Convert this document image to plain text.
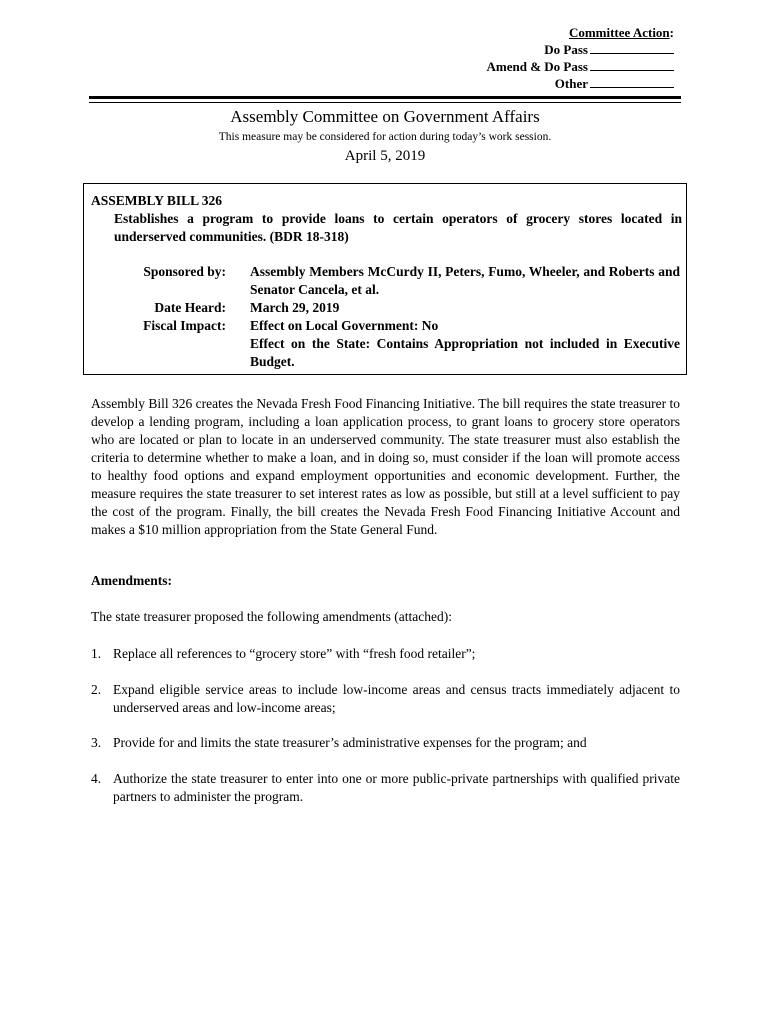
Committee Action:
Do Pass
Amend & Do Pass
Other
Assembly Committee on Government Affairs
This measure may be considered for action during today’s work session.
April 5, 2019
ASSEMBLY BILL 326
Establishes a program to provide loans to certain operators of grocery stores located in underserved communities. (BDR 18-318)
Sponsored by: Assembly Members McCurdy II, Peters, Fumo, Wheeler, and Roberts and Senator Cancela, et al.
Date Heard: March 29, 2019
Fiscal Impact: Effect on Local Government: No
Effect on the State: Contains Appropriation not included in Executive Budget.
Assembly Bill 326 creates the Nevada Fresh Food Financing Initiative. The bill requires the state treasurer to develop a lending program, including a loan application process, to grant loans to grocery store operators who are located or plan to locate in an underserved community. The state treasurer must also establish the criteria to determine whether to make a loan, and in doing so, must consider if the loan will promote access to healthy food options and expand employment opportunities and economic development. Further, the measure requires the state treasurer to set interest rates as low as possible, but still at a level sufficient to pay the cost of the program. Finally, the bill creates the Nevada Fresh Food Financing Initiative Account and makes a $10 million appropriation from the State General Fund.
Amendments:
The state treasurer proposed the following amendments (attached):
1. Replace all references to “grocery store” with “fresh food retailer”;
2. Expand eligible service areas to include low-income areas and census tracts immediately adjacent to underserved areas and low-income areas;
3. Provide for and limits the state treasurer’s administrative expenses for the program; and
4. Authorize the state treasurer to enter into one or more public-private partnerships with qualified private partners to administer the program.
